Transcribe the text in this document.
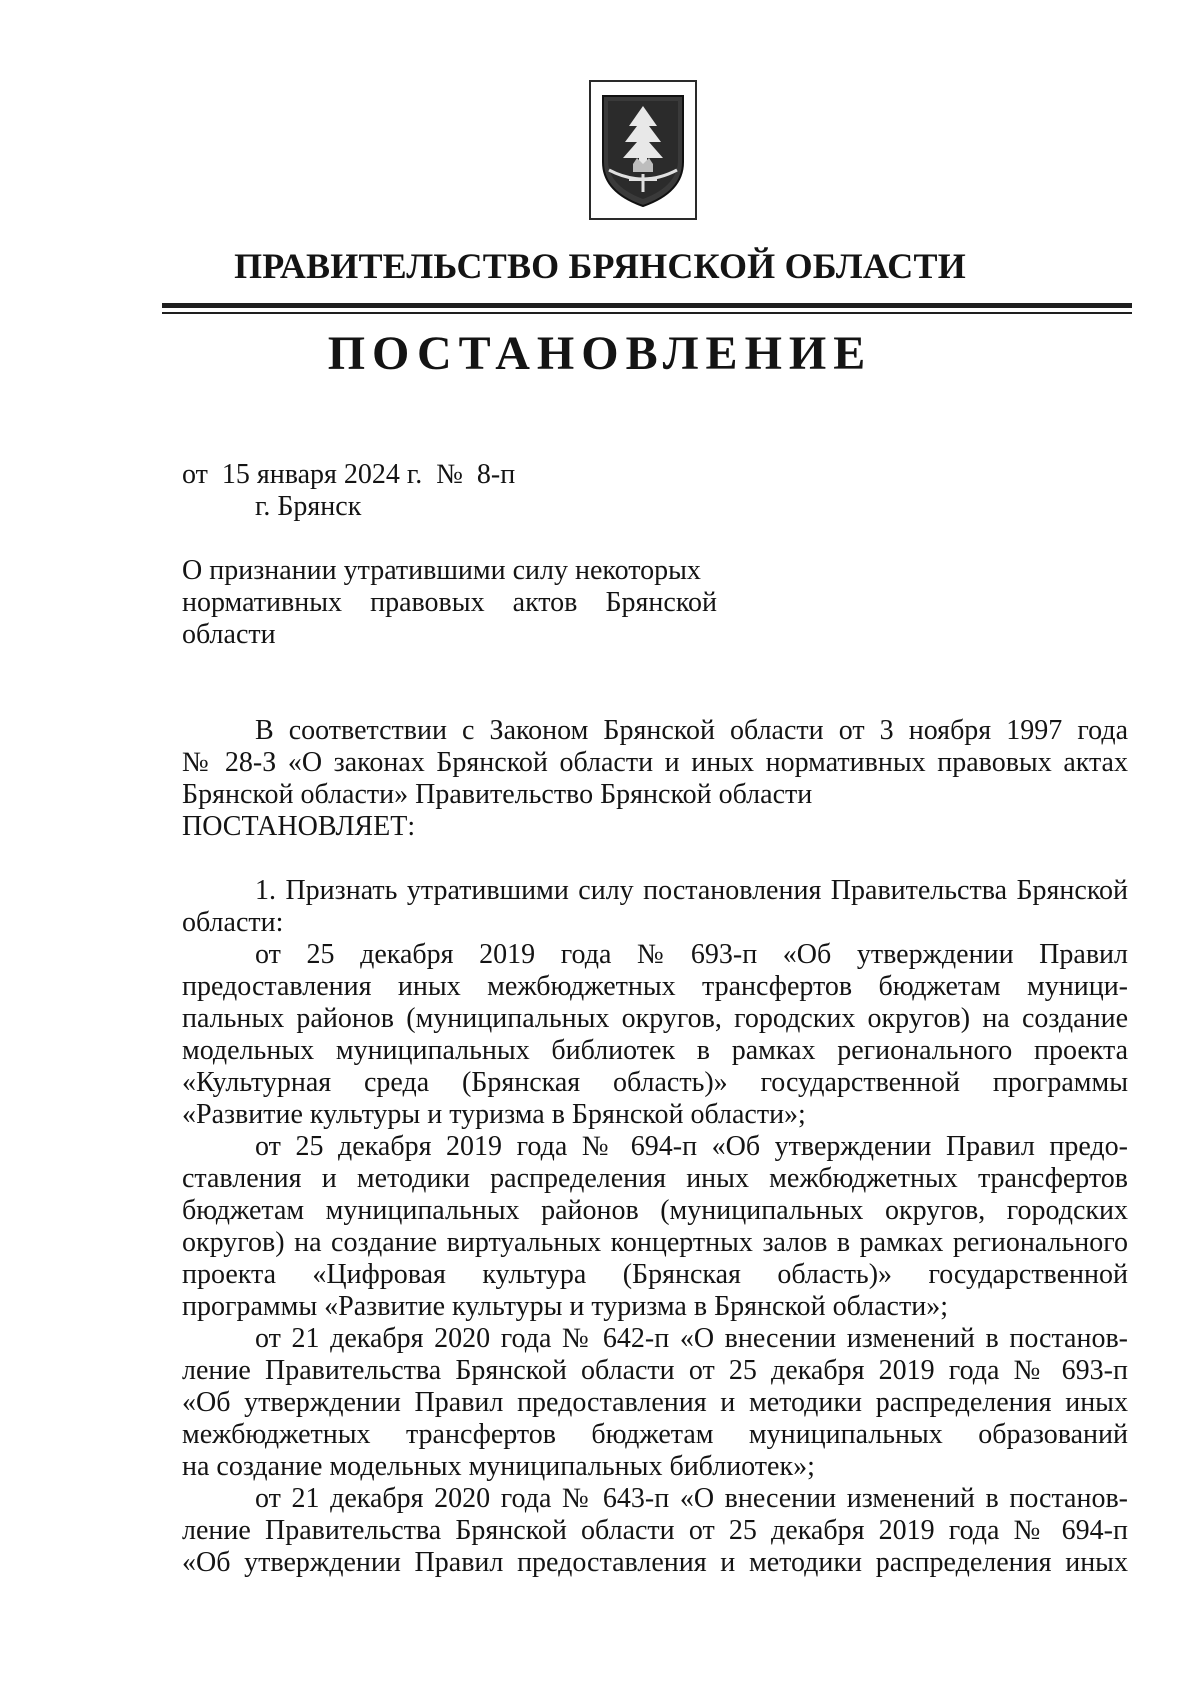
ПРАВИТЕЛЬСТВО БРЯНСКОЙ ОБЛАСТИ
ПОСТАНОВЛЕНИЕ
от  15 января 2024 г.  №  8-п
г. Брянск
О признании утратившими силу некоторых
нормативных   правовых   актов   Брянской
области
В соответствии с Законом Брянской области от 3 ноября 1997 года
№ 28-З «О законах Брянской области и иных нормативных правовых актах
Брянской области» Правительство Брянской области
ПОСТАНОВЛЯЕТ:
1. Признать утратившими силу постановления Правительства Брянской
области:
от   25   декабря   2019   года   №   693-п   «Об   утверждении   Правил
предоставления   иных   межбюджетных   трансфертов   бюджетам   муници-
пальных районов (муниципальных округов, городских округов) на создание
модельных   муниципальных   библиотек   в   рамках   регионального   проекта
«Культурная   среда   (Брянская   область)»   государственной   программы
«Развитие культуры и туризма в Брянской области»;
от 25 декабря 2019 года № 694-п «Об утверждении Правил предо-
ставления и методики распределения иных межбюджетных трансфертов
бюджетам муниципальных районов (муниципальных округов, городских
округов) на создание виртуальных концертных залов в рамках регионального
проекта   «Цифровая   культура   (Брянская   область)»   государственной
программы «Развитие культуры и туризма в Брянской области»;
от 21 декабря 2020 года № 642-п «О внесении изменений в постанов-
ление Правительства Брянской области от 25 декабря 2019 года № 693-п
«Об утверждении Правил предоставления и методики распределения иных
межбюджетных   трансфертов   бюджетам   муниципальных   образований
на создание модельных муниципальных библиотек»;
от 21 декабря 2020 года № 643-п «О внесении изменений в постанов-
ление Правительства Брянской области от 25 декабря 2019 года № 694-п
«Об утверждении Правил предоставления и методики распределения иных
